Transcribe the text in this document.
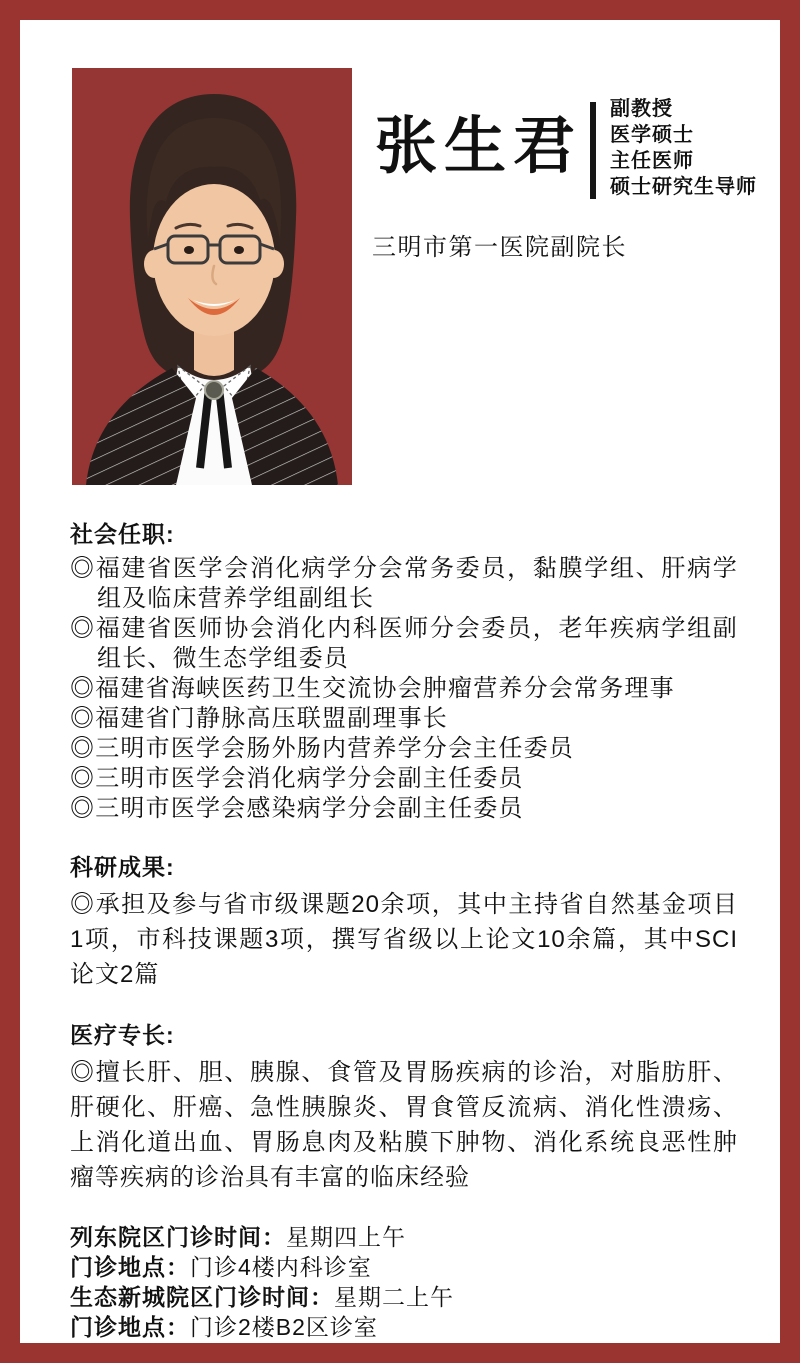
张生君 副教授
医学硕士
主任医师
硕士研究生导师
三明市第一医院副院长
社会任职:
◎福建省医学会消化病学分会常务委员，黏膜学组、肝病学组及临床营养学组副组长
◎福建省医师协会消化内科医师分会委员，老年疾病学组副组长、微生态学组委员
◎福建省海峡医药卫生交流协会肿瘤营养分会常务理事
◎福建省门静脉高压联盟副理事长
◎三明市医学会肠外肠内营养学分会主任委员
◎三明市医学会消化病学分会副主任委员
◎三明市医学会感染病学分会副主任委员
科研成果:

◎承担及参与省市级课题20余项，其中主持省自然基金项目1项，市科技课题3项，撰写省级以上论文10余篇，其中SCI论文2篇

医疗专长:

◎擅长肝、胆、胰腺、食管及胃肠疾病的诊治，对脂肪肝、肝硬化、肝癌、急性胰腺炎、胃食管反流病、消化性溃疡、上消化道出血、胃肠息肉及粘膜下肿物、消化系统良恶性肿瘤等疾病的诊治具有丰富的临床经验

列东院区门诊时间：星期四上午
门诊地点：门诊4楼内科诊室
生态新城院区门诊时间：星期二上午
门诊地点：门诊2楼B2区诊室
